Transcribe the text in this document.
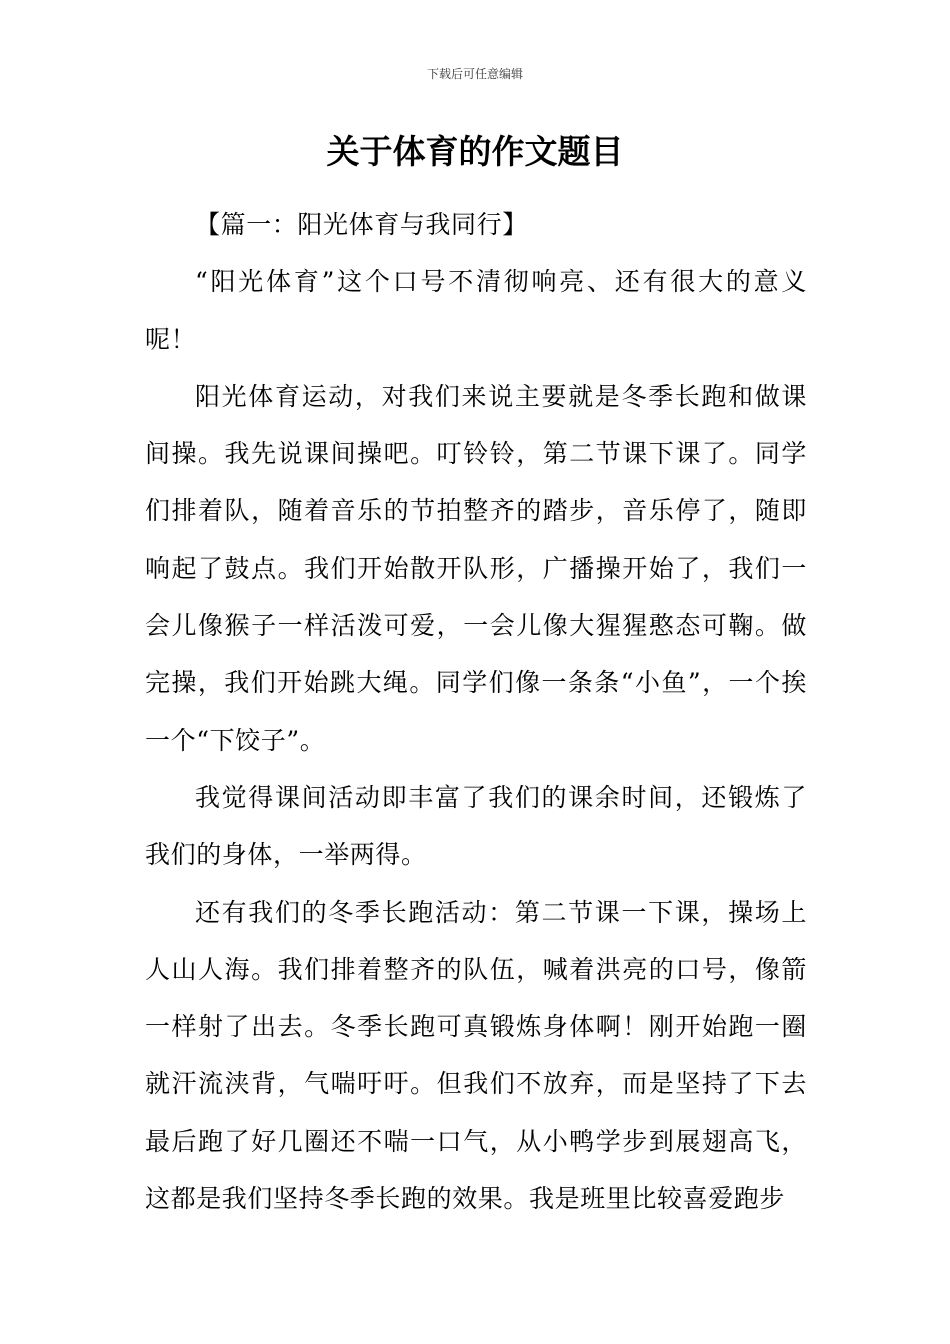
下载后可任意编辑
关于体育的作文题目

【篇一：阳光体育与我同行】

“阳光体育”这个口号不清彻响亮、还有很大的意义呢！

阳光体育运动，对我们来说主要就是冬季长跑和做课间操。我先说课间操吧。叮铃铃，第二节课下课了。同学们排着队，随着音乐的节拍整齐的踏步，音乐停了，随即响起了鼓点。我们开始散开队形，广播操开始了，我们一会儿像猴子一样活泼可爱，一会儿像大猩猩憨态可鞠。做完操，我们开始跳大绳。同学们像一条条“小鱼”，一个挨一个“下饺子”。

我觉得课间活动即丰富了我们的课余时间，还锻炼了我们的身体，一举两得。

还有我们的冬季长跑活动：第二节课一下课，操场上人山人海。我们排着整齐的队伍，喊着洪亮的口号，像箭一样射了出去。冬季长跑可真锻炼身体啊！刚开始跑一圈就汗流浃背，气喘吁吁。但我们不放弃，而是坚持了下去最后跑了好几圈还不喘一口气，从小鸭学步到展翅高飞，这都是我们坚持冬季长跑的效果。我是班里比较喜爱跑步
